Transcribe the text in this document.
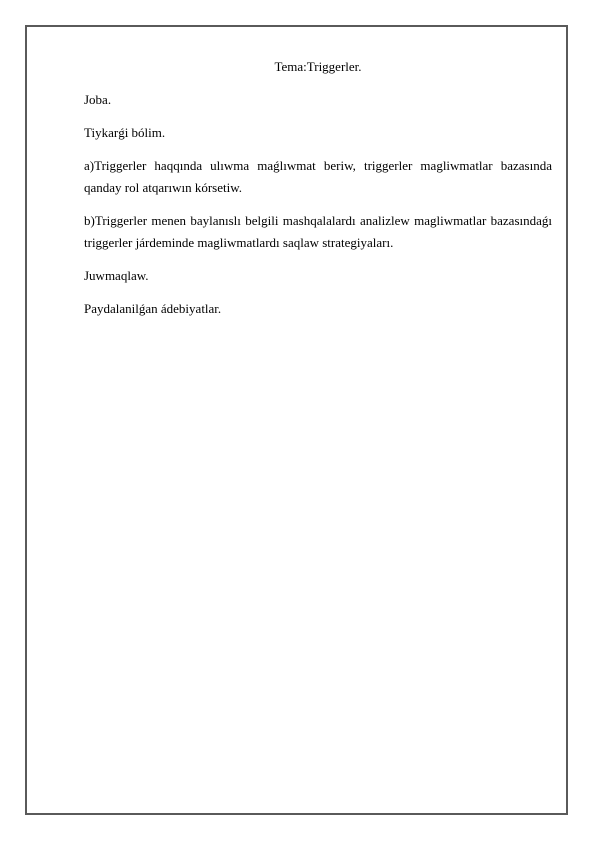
Tema:Triggerler.

Joba.

Tiykarǵi bólim.

a)Triggerler haqqında ulıwma maǵlıwmat beriw, triggerler magliwmatlar bazasında qanday rol atqarıwın kórsetiw.

b)Triggerler menen baylanıslı belgili mashqalalardı analizlew magliwmatlar bazasındaǵı triggerler járdeminde magliwmatlardı saqlaw strategiyaları.

Juwmaqlaw.

Paydalanilǵan ádebiyatlar.
